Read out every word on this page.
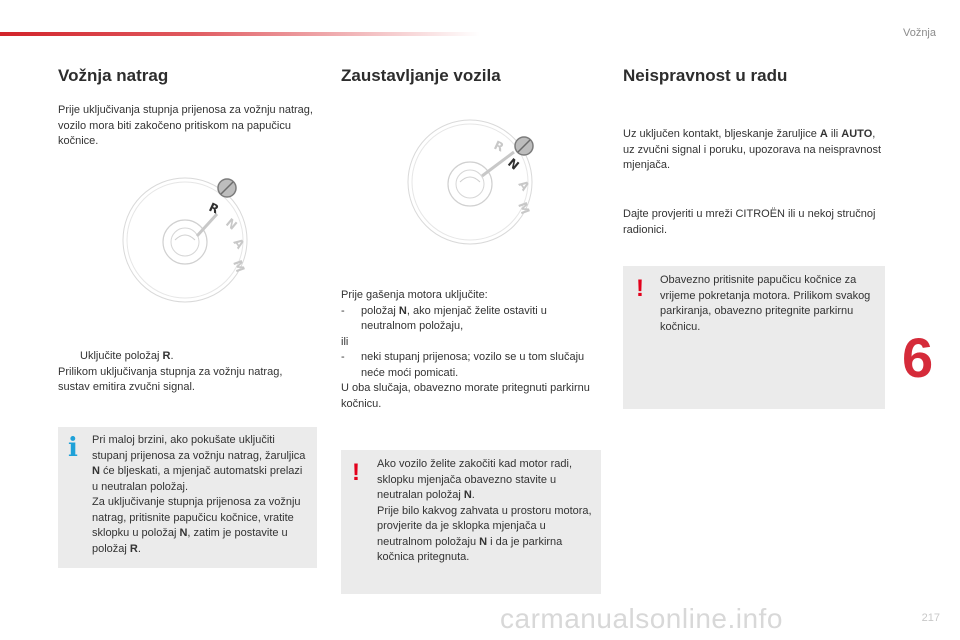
Vožnja
6
carmanualsonline.info	217
Vožnja natrag

Prije uključivanja stupnja prijenosa za vožnju natrag, vozilo mora biti zakočeno pritiskom na papučicu kočnice.

R
N
A
M
Uključite položaj R.
Prilikom uključivanja stupnja za vožnju natrag, sustav emitira zvučni signal.
i Pri maloj brzini, ako pokušate uključiti stupanj prijenosa za vožnju natrag, žaruljica N će bljeskati, a mjenjač automatski prelazi u neutralan položaj.
Za uključivanje stupnja prijenosa za vožnju natrag, pritisnite papučicu kočnice, vratite sklopku u položaj N, zatim je postavite u položaj R.
Zaustavljanje vozila
R
N
A
M
Prije gašenja motora uključite:
-	položaj N, ako mjenjač želite ostaviti u neutralnom položaju,
ili
-	neki stupanj prijenosa; vozilo se u tom slučaju neće moći pomicati.
U oba slučaja, obavezno morate pritegnuti parkirnu kočnicu.
! Ako vozilo želite zakočiti kad motor radi, sklopku mjenjača obavezno stavite u neutralan položaj N.
Prije bilo kakvog zahvata u prostoru motora, provjerite da je sklopka mjenjača u neutralnom položaju N i da je parkirna kočnica pritegnuta.
Neispravnost u radu

Uz uključen kontakt, bljeskanje žaruljice A ili AUTO, uz zvučni signal i poruku, upozorava na neispravnost mjenjača.

Dajte provjeriti u mreži CITROËN ili u nekoj stručnoj radionici.

! Obavezno pritisnite papučicu kočnice za vrijeme pokretanja motora. Prilikom svakog parkiranja, obavezno pritegnite parkirnu kočnicu.
